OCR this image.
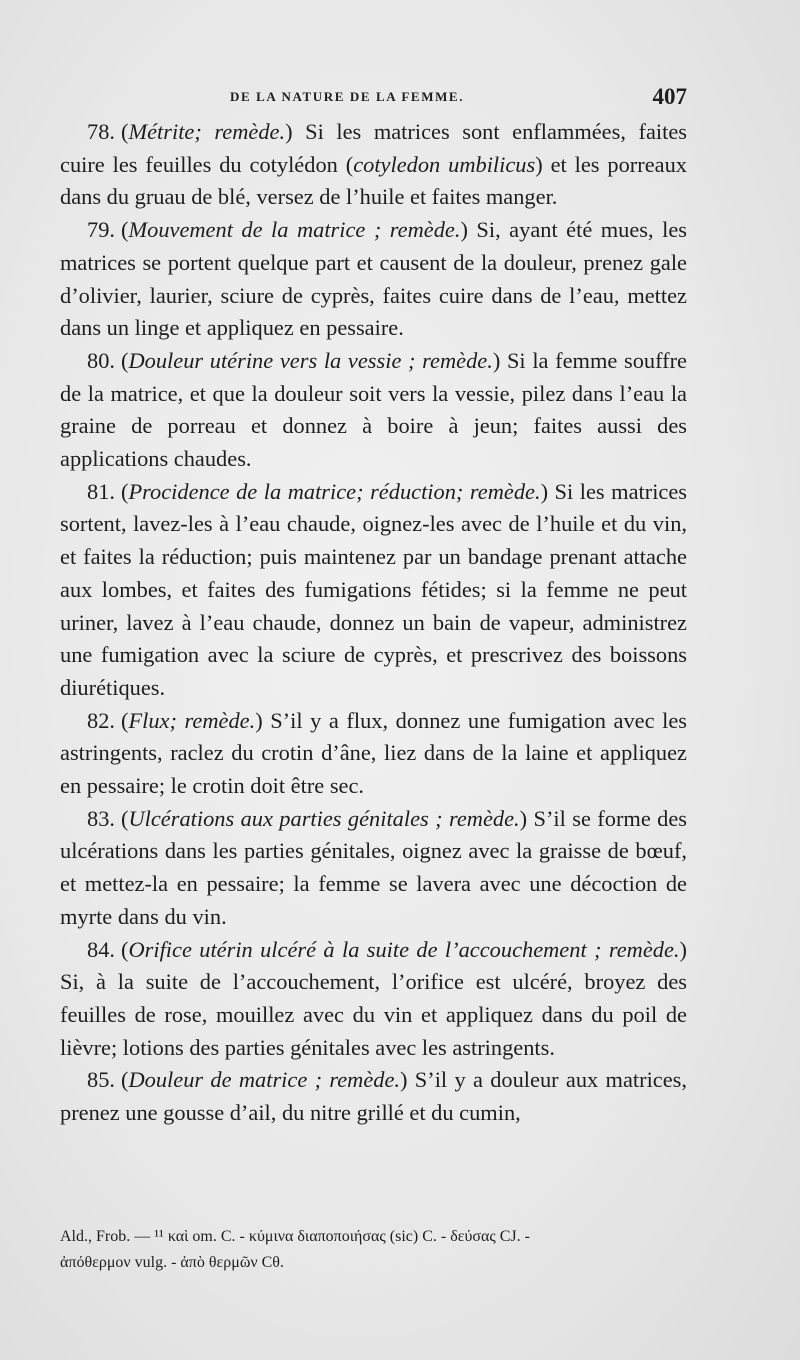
DE LA NATURE DE LA FEMME.	407

78. (Métrite; remède.) Si les matrices sont enflammées, faites cuire les feuilles du cotylédon (cotyledon umbilicus) et les porreaux dans du gruau de blé, versez de l’huile et faites manger.

79. (Mouvement de la matrice ; remède.) Si, ayant été mues, les matrices se portent quelque part et causent de la douleur, prenez gale d’olivier, laurier, sciure de cyprès, faites cuire dans de l’eau, mettez dans un linge et appliquez en pessaire.

80. (Douleur utérine vers la vessie ; remède.) Si la femme souffre de la matrice, et que la douleur soit vers la vessie, pilez dans l’eau la graine de porreau et donnez à boire à jeun; faites aussi des applications chaudes.

81. (Procidence de la matrice; réduction; remède.) Si les matrices sortent, lavez-les à l’eau chaude, oignez-les avec de l’huile et du vin, et faites la réduction; puis maintenez par un bandage prenant attache aux lombes, et faites des fumigations fétides; si la femme ne peut uriner, lavez à l’eau chaude, donnez un bain de vapeur, administrez une fumigation avec la sciure de cyprès, et prescrivez des boissons diurétiques.

82. (Flux; remède.) S’il y a flux, donnez une fumigation avec les astringents, raclez du crotin d’âne, liez dans de la laine et appliquez en pessaire; le crotin doit être sec.

83. (Ulcérations aux parties génitales ; remède.) S’il se forme des ulcérations dans les parties génitales, oignez avec la graisse de bœuf, et mettez-la en pessaire; la femme se lavera avec une décoction de myrte dans du vin.

84. (Orifice utérin ulcéré à la suite de l’accouchement ; remède.) Si, à la suite de l’accouchement, l’orifice est ulcéré, broyez des feuilles de rose, mouillez avec du vin et appliquez dans du poil de lièvre; lotions des parties génitales avec les astringents.

85. (Douleur de matrice ; remède.) S’il y a douleur aux matrices, prenez une gousse d’ail, du nitre grillé et du cumin,

Ald., Frob. — ¹¹ καὶ om. C. - κύμινα διαποποιήσας (sic) C. - δεύσας CJ. -

ἀπόθερμον vulg. - ἀπὸ θερμῶν Cθ.
